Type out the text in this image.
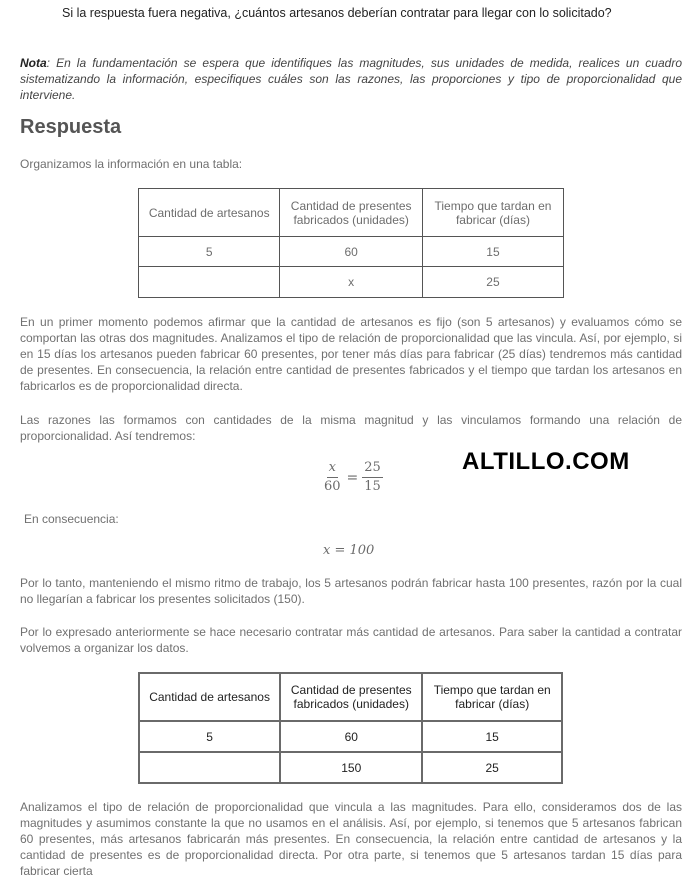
Si la respuesta fuera negativa, ¿cuántos artesanos deberían contratar para llegar con lo solicitado?
Nota: En la fundamentación se espera que identifiques las magnitudes, sus unidades de medida, realices un cuadro sistematizando la información, especifiques cuáles son las razones, las proporciones y tipo de proporcionalidad que interviene.
Respuesta
Organizamos la información en una tabla:
Cantidad de artesanos	Cantidad de presentes fabricados (unidades)	Tiempo que tardan en fabricar (días)
5	60	15
	x	25
En un primer momento podemos afirmar que la cantidad de artesanos es fijo (son 5 artesanos) y evaluamos cómo se comportan las otras dos magnitudes. Analizamos el tipo de relación de proporcionalidad que las vincula. Así, por ejemplo, si en 15 días los artesanos pueden fabricar 60 presentes, por tener más días para fabricar (25 días) tendremos más cantidad de presentes. En consecuencia, la relación entre cantidad de presentes fabricados y el tiempo que tardan los artesanos en fabricarlos es de proporcionalidad directa.
Las razones las formamos con cantidades de la misma magnitud y las vinculamos formando una relación de proporcionalidad. Así tendremos:
$\frac{x}{60} = \frac{25}{15}$	ALTILLO.COM
En consecuencia:
x = 100
Por lo tanto, manteniendo el mismo ritmo de trabajo, los 5 artesanos podrán fabricar hasta 100 presentes, razón por la cual no llegarían a fabricar los presentes solicitados (150).
Por lo expresado anteriormente se hace necesario contratar más cantidad de artesanos. Para saber la cantidad a contratar volvemos a organizar los datos.
Cantidad de artesanos	Cantidad de presentes fabricados (unidades)	Tiempo que tardan en fabricar (días)
5	60	15
	150	25
Analizamos el tipo de relación de proporcionalidad que vincula a las magnitudes. Para ello, consideramos dos de las magnitudes y asumimos constante la que no usamos en el análisis. Así, por ejemplo, si tenemos que 5 artesanos fabrican 60 presentes, más artesanos fabricarán más presentes. En consecuencia, la relación entre cantidad de artesanos y la cantidad de presentes es de proporcionalidad directa. Por otra parte, si tenemos que 5 artesanos tardan 15 días para fabricar cierta
